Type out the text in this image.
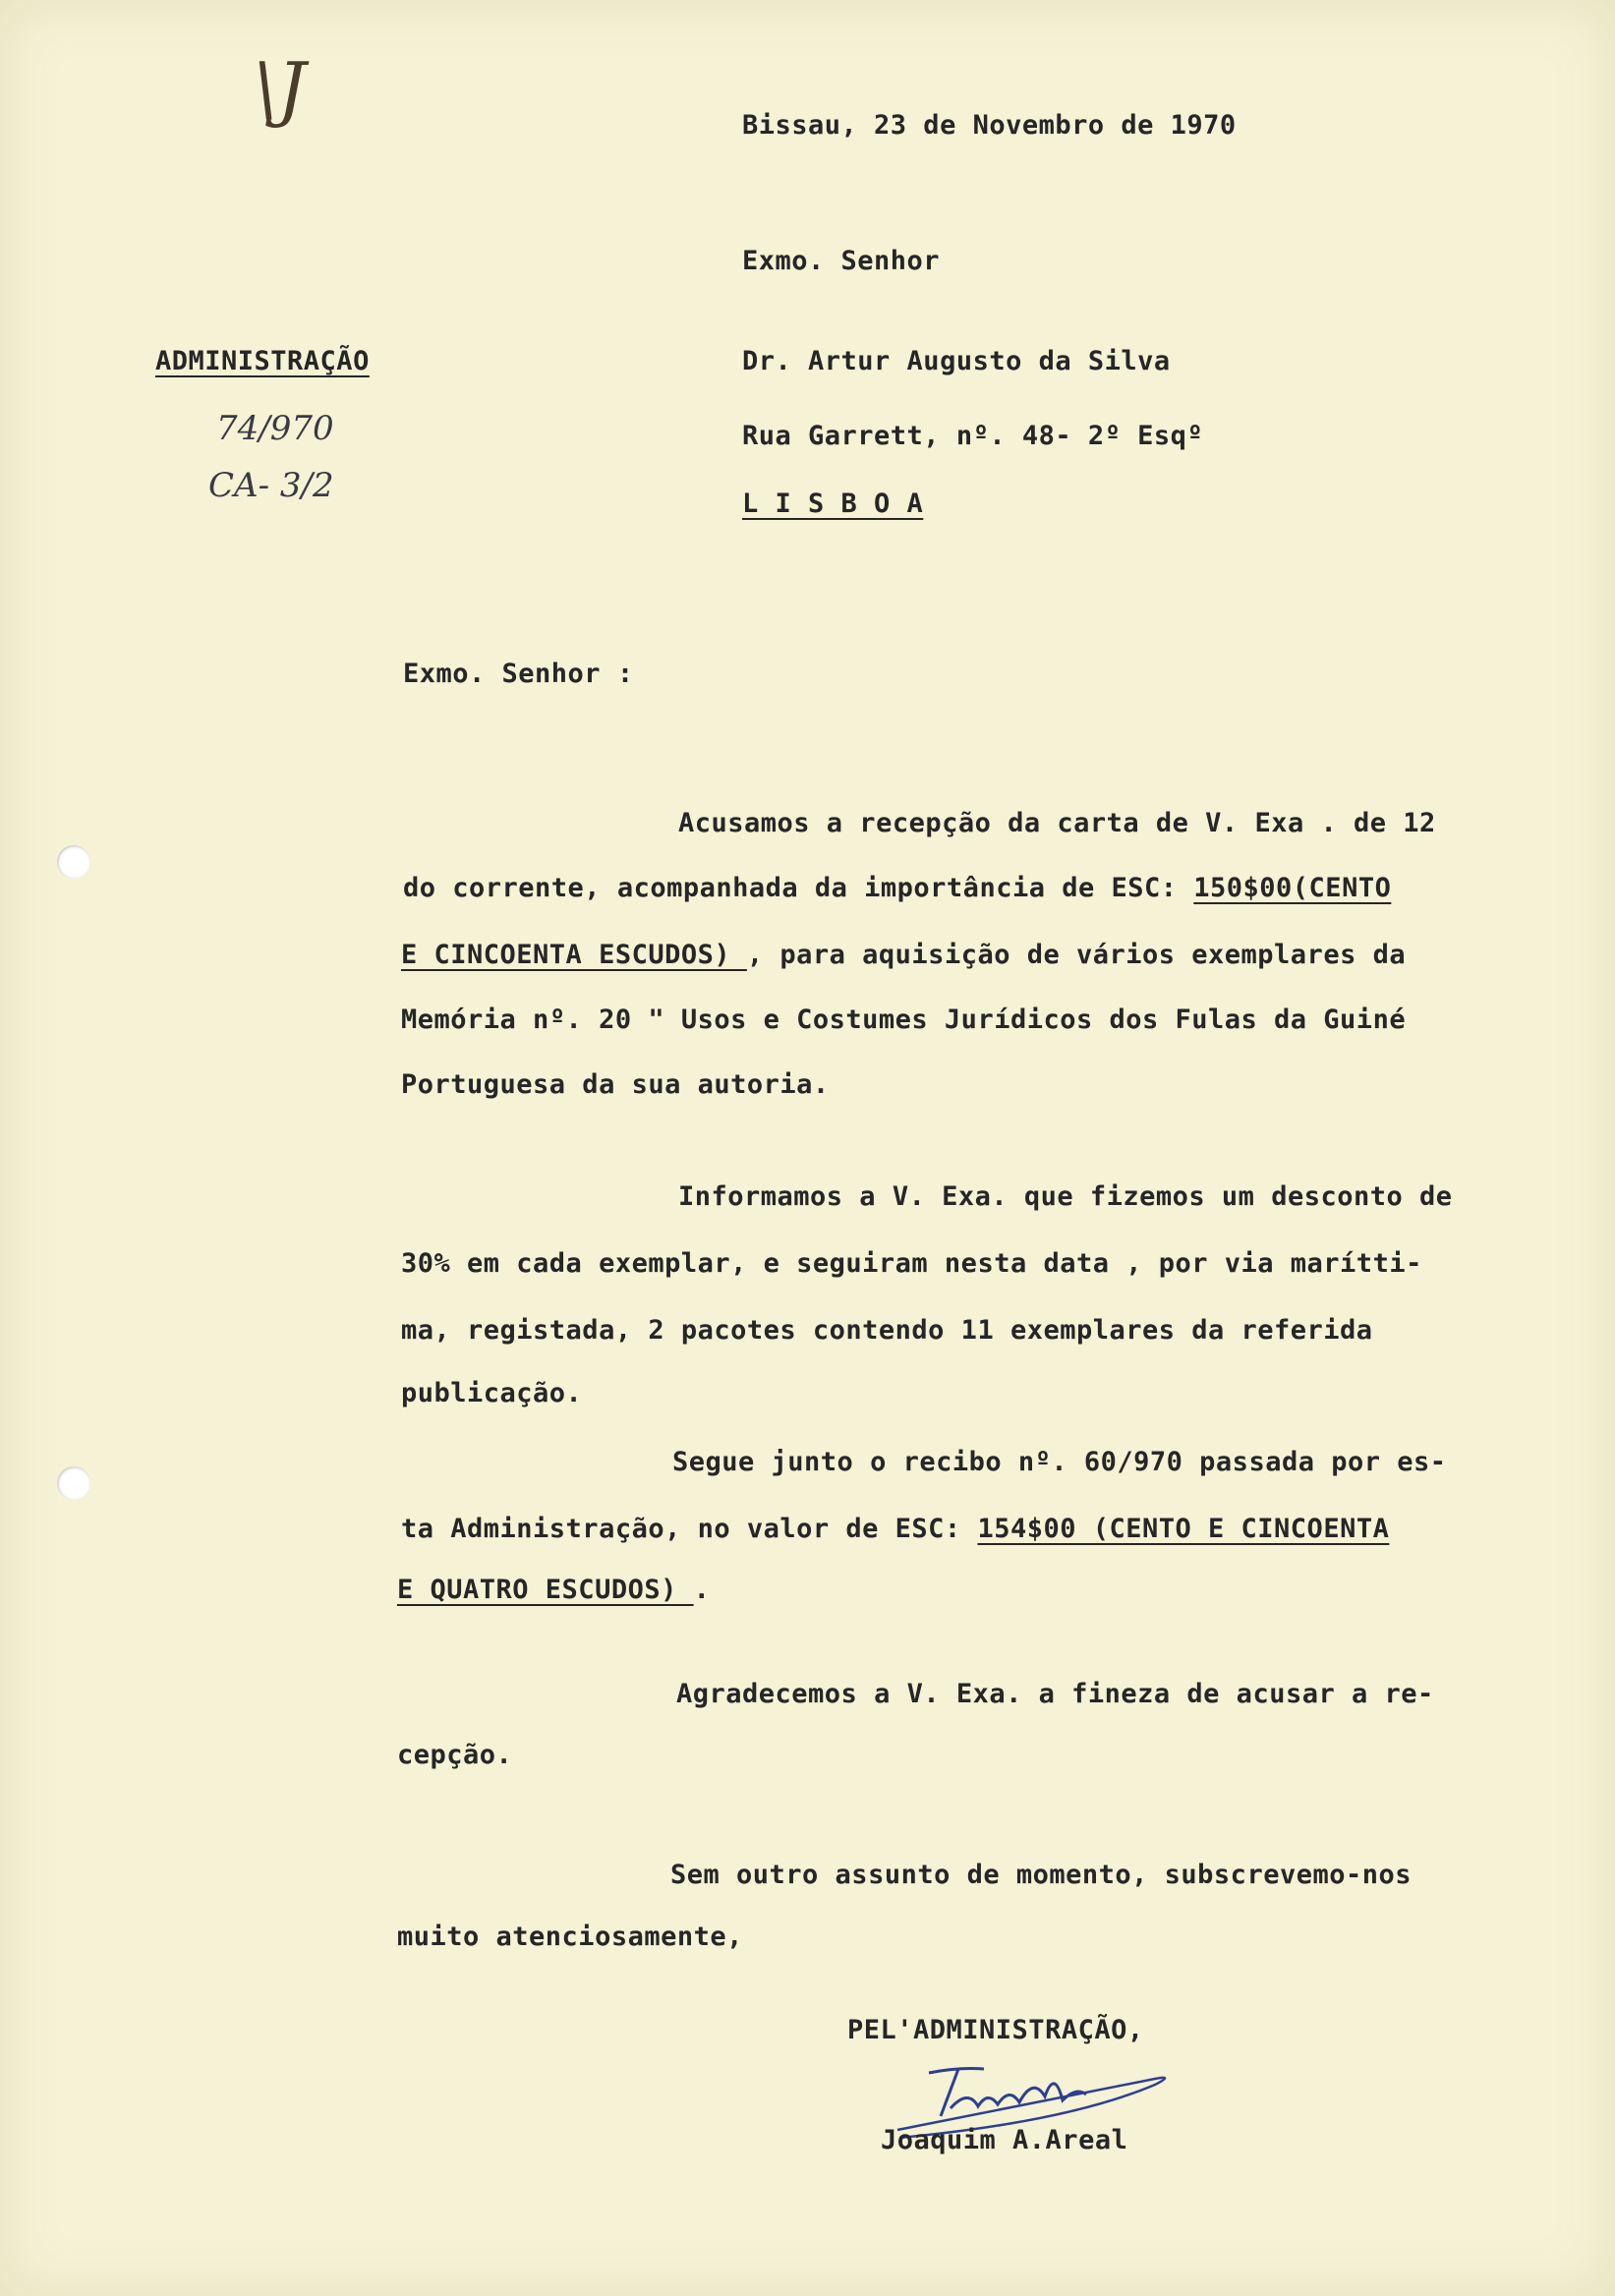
\J	Bissau, 23 de Novembro de 1970
Exmo. Senhor
Dr. Artur Augusto da Silva
Rua Garrett, nº. 48- 2º Esqº
L I S B O A
ADMINISTRAÇÃO
74/970
CA- 3/2
Exmo. Senhor :
Acusamos a recepção da carta de V. Exa . de 12
do corrente, acompanhada da importância de ESC: 150$00(CENTO
E CINCOENTA ESCUDOS) , para aquisição de vários exemplares da
Memória nº. 20 " Usos e Costumes Jurídicos dos Fulas da Guiné
Portuguesa da sua autoria.
Informamos a V. Exa. que fizemos um desconto de
30% em cada exemplar, e seguiram nesta data , por via marítti-
ma, registada, 2 pacotes contendo 11 exemplares da referida
publicação.
Segue junto o recibo nº. 60/970 passada por es-
ta Administração, no valor de ESC: 154$00 (CENTO E CINCOENTA
E QUATRO ESCUDOS) .
Agradecemos a V. Exa. a fineza de acusar a re-
cepção.
Sem outro assunto de momento, subscrevemo-nos
muito atenciosamente,
PEL'ADMINISTRAÇÃO,
Joaquim A.Areal
